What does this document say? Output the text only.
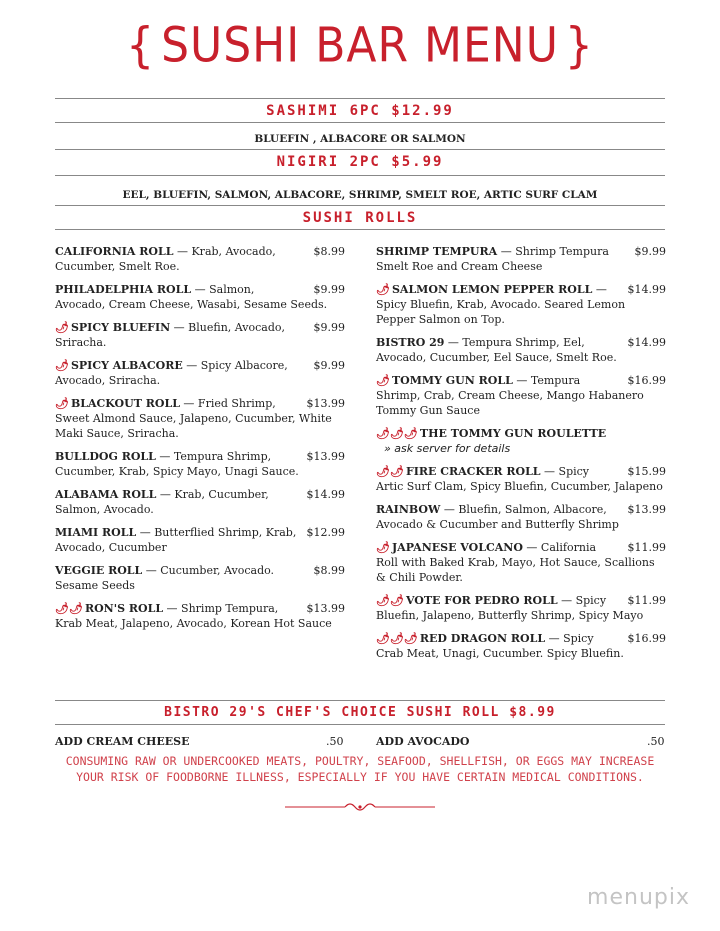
{ SUSHI BAR MENU }
SASHIMI 6PC $12.99
BLUEFIN , ALBACORE OR SALMON
NIGIRI 2PC $5.99
EEL, BLUEFIN, SALMON, ALBACORE, SHRIMP, SMELT ROE, ARTIC SURF CLAM
SUSHI ROLLS
CALIFORNIA ROLL — Krab, Avocado, Cucumber, Smelt Roe.
$8.99
PHILADELPHIA ROLL — Salmon, Avocado, Cream Cheese, Wasabi, Sesame Seeds.
$9.99
🌶 SPICY BLUEFIN — Bluefin, Avocado, Sriracha.
$9.99
🌶 SPICY ALBACORE — Spicy Albacore, Avocado, Sriracha.
$9.99
🌶 BLACKOUT ROLL — Fried Shrimp, Sweet Almond Sauce, Jalapeno, Cucumber, White Maki Sauce, Sriracha.
$13.99
BULLDOG ROLL — Tempura Shrimp, Cucumber, Krab, Spicy Mayo, Unagi Sauce.
$13.99
ALABAMA ROLL — Krab, Cucumber, Salmon, Avocado.
$14.99
MIAMI ROLL — Butterflied Shrimp, Krab, Avocado, Cucumber
$12.99
VEGGIE ROLL — Cucumber, Avocado. Sesame Seeds
$8.99
🌶🌶 RON'S ROLL — Shrimp Tempura, Krab Meat, Jalapeno, Avocado, Korean Hot Sauce
$13.99
SHRIMP TEMPURA — Shrimp Tempura Smelt Roe and Cream Cheese
$9.99
🌶 SALMON LEMON PEPPER ROLL — Spicy Bluefin, Krab, Avocado. Seared Lemon Pepper Salmon on Top.
$14.99
BISTRO 29 — Tempura Shrimp, Eel, Avocado, Cucumber, Eel Sauce, Smelt Roe.
$14.99
🌶 TOMMY GUN ROLL — Tempura Shrimp, Crab, Cream Cheese, Mango Habanero Tommy Gun Sauce
$16.99
🌶🌶🌶 THE TOMMY GUN ROULETTE
» ask server for details
🌶🌶 FIRE CRACKER ROLL — Spicy Artic Surf Clam, Spicy Bluefin, Cucumber, Jalapeno
$15.99
RAINBOW — Bluefin, Salmon, Albacore, Avocado & Cucumber and Butterfly Shrimp
$13.99
🌶 JAPANESE VOLCANO — California Roll with Baked Krab, Mayo, Hot Sauce, Scallions & Chili Powder.
$11.99
🌶🌶 VOTE FOR PEDRO ROLL — Spicy Bluefin, Jalapeno, Butterfly Shrimp, Spicy Mayo
$11.99
🌶🌶🌶 RED DRAGON ROLL — Spicy Crab Meat, Unagi, Cucumber. Spicy Bluefin.
$16.99
BISTRO 29'S CHEF'S CHOICE SUSHI ROLL $8.99
ADD CREAM CHEESE	.50	ADD AVOCADO	.50
CONSUMING RAW OR UNDERCOOKED MEATS, POULTRY, SEAFOOD, SHELLFISH, OR EGGS MAY INCREASE YOUR RISK OF FOODBORNE ILLNESS, ESPECIALLY IF YOU HAVE CERTAIN MEDICAL CONDITIONS.
menupix
